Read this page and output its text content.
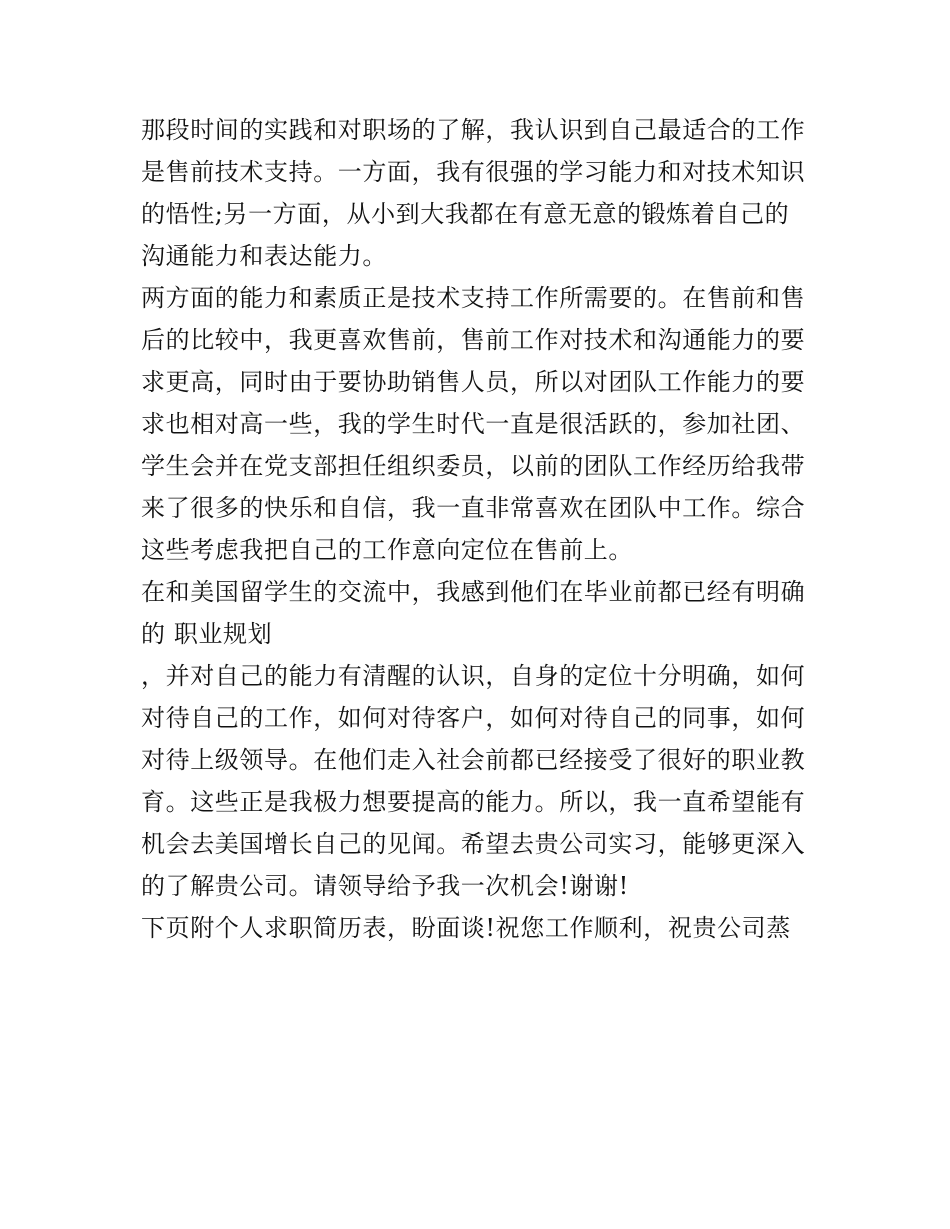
那段时间的实践和对职场的了解，我认识到自己最适合的工作
是售前技术支持。一方面，我有很强的学习能力和对技术知识
的悟性;另一方面，从小到大我都在有意无意的锻炼着自己的
沟通能力和表达能力。
两方面的能力和素质正是技术支持工作所需要的。在售前和售
后的比较中，我更喜欢售前，售前工作对技术和沟通能力的要
求更高，同时由于要协助销售人员，所以对团队工作能力的要
求也相对高一些，我的学生时代一直是很活跃的，参加社团、
学生会并在党支部担任组织委员，以前的团队工作经历给我带
来了很多的快乐和自信，我一直非常喜欢在团队中工作。综合
这些考虑我把自己的工作意向定位在售前上。
在和美国留学生的交流中，我感到他们在毕业前都已经有明确
的 职业规划
，并对自己的能力有清醒的认识，自身的定位十分明确，如何
对待自己的工作，如何对待客户，如何对待自己的同事，如何
对待上级领导。在他们走入社会前都已经接受了很好的职业教
育。这些正是我极力想要提高的能力。所以，我一直希望能有
机会去美国增长自己的见闻。希望去贵公司实习，能够更深入
的了解贵公司。请领导给予我一次机会!谢谢!
下页附个人求职简历表，盼面谈!祝您工作顺利，祝贵公司蒸
